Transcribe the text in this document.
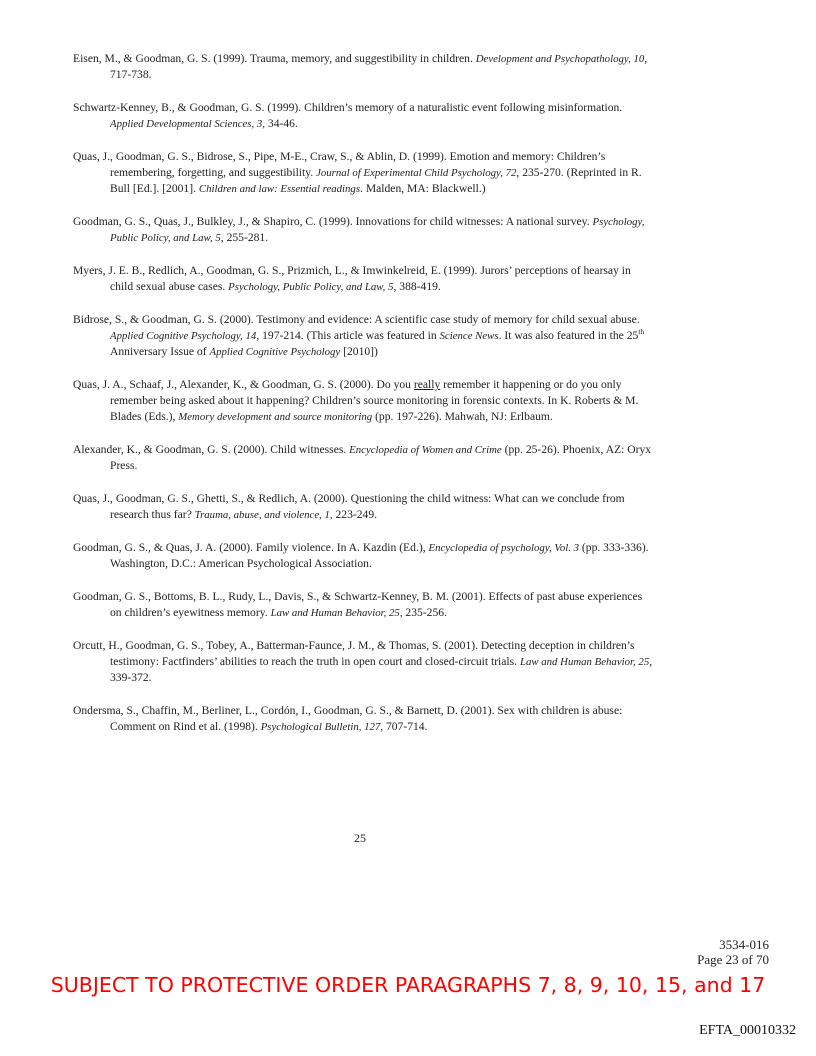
Eisen, M., & Goodman, G. S. (1999). Trauma, memory, and suggestibility in children. Development and Psychopathology, 10, 717-738.

Schwartz-Kenney, B., & Goodman, G. S. (1999). Children’s memory of a naturalistic event following misinformation. Applied Developmental Sciences, 3, 34-46.

Quas, J., Goodman, G. S., Bidrose, S., Pipe, M-E., Craw, S., & Ablin, D. (1999). Emotion and memory: Children’s remembering, forgetting, and suggestibility. Journal of Experimental Child Psychology, 72, 235-270. (Reprinted in R. Bull [Ed.]. [2001]. Children and law: Essential readings. Malden, MA: Blackwell.)

Goodman, G. S., Quas, J., Bulkley, J., & Shapiro, C. (1999). Innovations for child witnesses: A national survey. Psychology, Public Policy, and Law, 5, 255-281.

Myers, J. E. B., Redlich, A., Goodman, G. S., Prizmich, L., & Imwinkelreid, E. (1999). Jurors’ perceptions of hearsay in child sexual abuse cases. Psychology, Public Policy, and Law, 5, 388-419.

Bidrose, S., & Goodman, G. S. (2000). Testimony and evidence: A scientific case study of memory for child sexual abuse. Applied Cognitive Psychology, 14, 197-214. (This article was featured in Science News. It was also featured in the 25th Anniversary Issue of Applied Cognitive Psychology [2010])

Quas, J. A., Schaaf, J., Alexander, K., & Goodman, G. S. (2000). Do you really remember it happening or do you only remember being asked about it happening? Children’s source monitoring in forensic contexts. In K. Roberts & M. Blades (Eds.), Memory development and source monitoring (pp. 197-226). Mahwah, NJ: Erlbaum.

Alexander, K., & Goodman, G. S. (2000). Child witnesses. Encyclopedia of Women and Crime (pp. 25-26). Phoenix, AZ: Oryx Press.

Quas, J., Goodman, G. S., Ghetti, S., & Redlich, A. (2000). Questioning the child witness: What can we conclude from research thus far? Trauma, abuse, and violence, 1, 223-249.

Goodman, G. S., & Quas, J. A. (2000). Family violence. In A. Kazdin (Ed.), Encyclopedia of psychology, Vol. 3 (pp. 333-336). Washington, D.C.: American Psychological Association.

Goodman, G. S., Bottoms, B. L., Rudy, L., Davis, S., & Schwartz-Kenney, B. M. (2001). Effects of past abuse experiences on children’s eyewitness memory. Law and Human Behavior, 25, 235-256.

Orcutt, H., Goodman, G. S., Tobey, A., Batterman-Faunce, J. M., & Thomas, S. (2001). Detecting deception in children’s testimony: Factfinders’ abilities to reach the truth in open court and closed-circuit trials. Law and Human Behavior, 25, 339-372.

Ondersma, S., Chaffin, M., Berliner, L., Cordón, I., Goodman, G. S., & Barnett, D. (2001). Sex with children is abuse: Comment on Rind et al. (1998). Psychological Bulletin, 127, 707-714.

25
3534-016
Page 23 of 70
SUBJECT TO PROTECTIVE ORDER PARAGRAPHS 7, 8, 9, 10, 15, and 17
EFTA_00010332
